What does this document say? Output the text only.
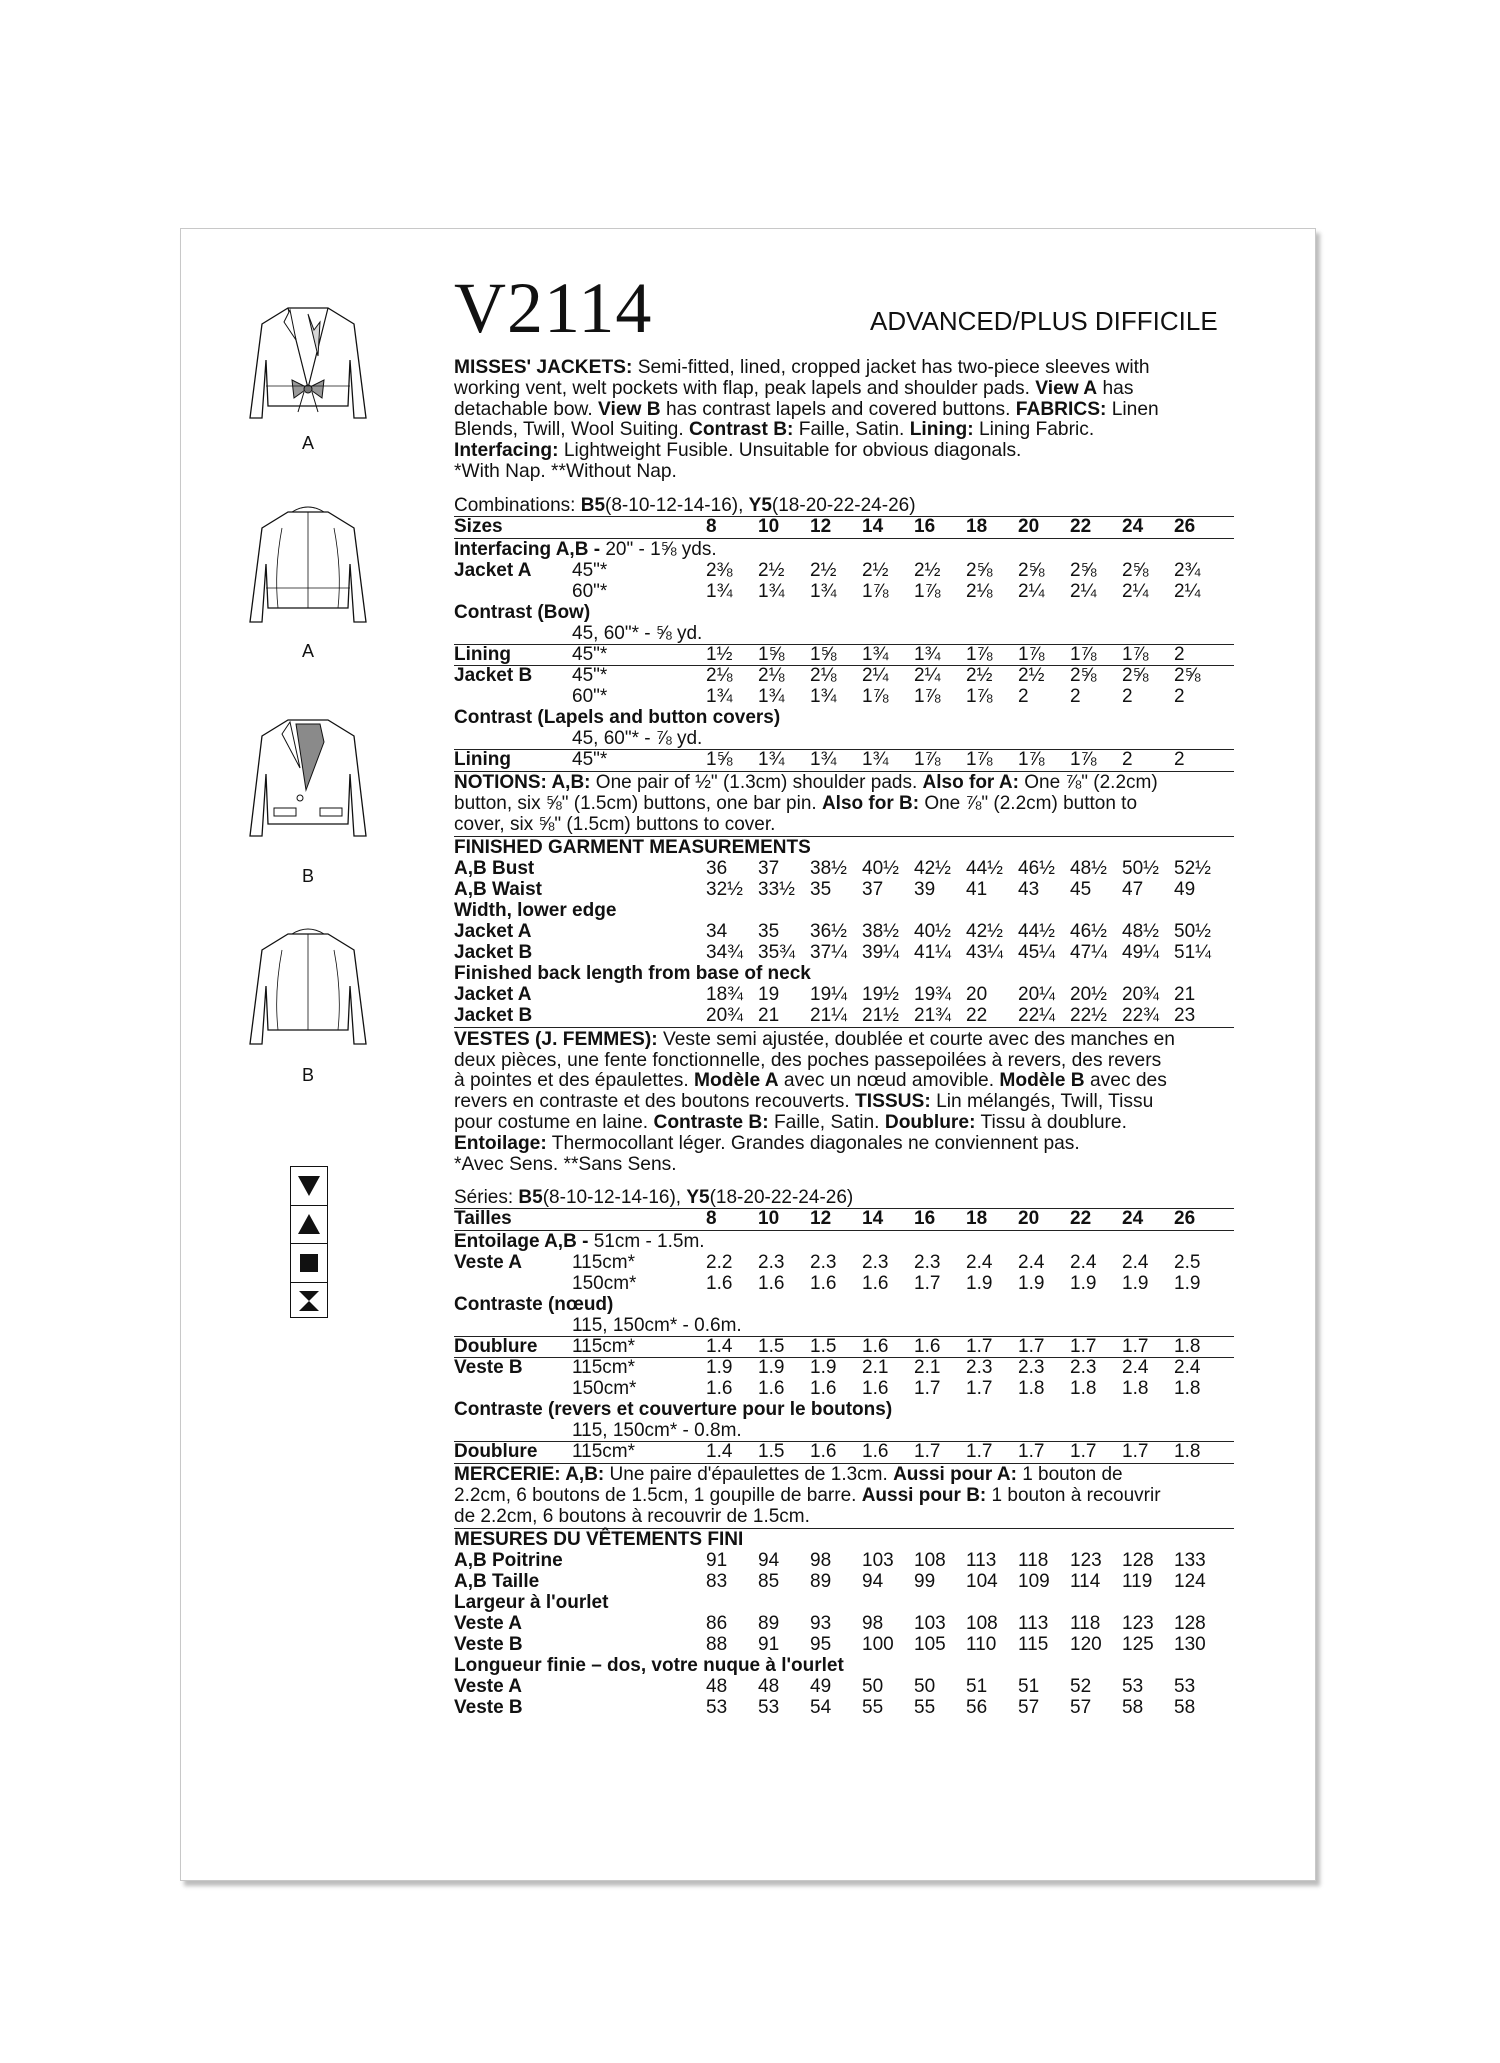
V2114	ADVANCED/PLUS DIFFICILE
A
A
B
B
MISSES' JACKETS: Semi-fitted, lined, cropped jacket has two-piece sleeves with
working vent, welt pockets with flap, peak lapels and shoulder pads. View A has
detachable bow. View B has contrast lapels and covered buttons. FABRICS: Linen
Blends, Twill, Wool Suiting. Contrast B: Faille, Satin. Lining: Lining Fabric.
Interfacing: Lightweight Fusible. Unsuitable for obvious diagonals.
*With Nap. **Without Nap.
Combinations: B5(8-10-12-14-16), Y5(18-20-22-24-26)
Sizes	8	10	12	14	16	18	20	22	24	26
Interfacing A,B - 20" - 1⅝ yds.
Jacket A 45"*	2⅜	2½	2½	2½	2½	2⅝	2⅝	2⅝	2⅝	2¾
60"*	1¾	1¾	1¾	1⅞	1⅞	2⅛	2¼	2¼	2¼	2¼
Contrast (Bow)
45, 60"* - ⅝ yd.
Lining	45"*	1½	1⅝	1⅝	1¾	1¾	1⅞	1⅞	1⅞	1⅞	2
Jacket B 45"*	2⅛	2⅛	2⅛	2¼	2¼	2½	2½	2⅝	2⅝	2⅝
60"*	1¾	1¾	1¾	1⅞	1⅞	1⅞	2	2	2	2
Contrast (Lapels and button covers)
45, 60"* - ⅞ yd.
Lining	45"*	1⅝	1¾	1¾	1¾	1⅞	1⅞	1⅞	1⅞	2	2
NOTIONS: A,B: One pair of ½" (1.3cm) shoulder pads. Also for A: One ⅞" (2.2cm)
button, six ⅝" (1.5cm) buttons, one bar pin. Also for B: One ⅞" (2.2cm) button to
cover, six ⅝" (1.5cm) buttons to cover.
FINISHED GARMENT MEASUREMENTS
A,B Bust	36	37	38½ 40½ 42½ 44½ 46½ 48½ 50½ 52½
A,B Waist	32½ 33½ 35	37	39	41	43	45	47	49
Width, lower edge
Jacket A	34	35	36½ 38½ 40½ 42½ 44½ 46½ 48½ 50½
Jacket B	34¾ 35¾ 37¼ 39¼ 41¼ 43¼ 45¼ 47¼ 49¼ 51¼
Finished back length from base of neck
Jacket A	18¾ 19	19¼ 19½ 19¾ 20	20¼ 20½ 20¾ 21
Jacket B	20¾ 21	21¼ 21½ 21¾ 22	22¼ 22½ 22¾ 23
VESTES (J. FEMMES): Veste semi ajustée, doublée et courte avec des manches en
deux pièces, une fente fonctionnelle, des poches passepoilées à revers, des revers
à pointes et des épaulettes. Modèle A avec un nœud amovible. Modèle B avec des
revers en contraste et des boutons recouverts. TISSUS: Lin mélangés, Twill, Tissu
pour costume en laine. Contraste B: Faille, Satin. Doublure: Tissu à doublure.
Entoilage: Thermocollant léger. Grandes diagonales ne conviennent pas.
*Avec Sens. **Sans Sens.
Séries: B5(8-10-12-14-16), Y5(18-20-22-24-26)
Tailles	8	10	12	14	16	18	20	22	24	26
Entoilage A,B - 51cm - 1.5m.
Veste A	115cm*	2.2	2.3	2.3	2.3	2.3	2.4	2.4	2.4	2.4	2.5
150cm*	1.6	1.6	1.6	1.6	1.7	1.9	1.9	1.9	1.9	1.9
Contraste (nœud)
115, 150cm* - 0.6m.
Doublure 115cm*	1.4	1.5	1.5	1.6	1.6	1.7	1.7	1.7	1.7	1.8
Veste B	115cm*	1.9	1.9	1.9	2.1	2.1	2.3	2.3	2.3	2.4	2.4
150cm*	1.6	1.6	1.6	1.6	1.7	1.7	1.8	1.8	1.8	1.8
Contraste (revers et couverture pour le boutons)
115, 150cm* - 0.8m.
Doublure 115cm*	1.4	1.5	1.6	1.6	1.7	1.7	1.7	1.7	1.7	1.8
MERCERIE: A,B: Une paire d'épaulettes de 1.3cm. Aussi pour A: 1 bouton de
2.2cm, 6 boutons de 1.5cm, 1 goupille de barre. Aussi pour B: 1 bouton à recouvrir
de 2.2cm, 6 boutons à recouvrir de 1.5cm.
MESURES DU VÊTEMENTS FINI
A,B Poitrine	91	94	98	103	108	113	118	123	128	133
A,B Taille	83	85	89	94	99	104	109	114	119	124
Largeur à l'ourlet
Veste A	86	89	93	98	103	108	113	118	123	128
Veste B	88	91	95	100	105	110	115	120	125	130
Longueur finie – dos, votre nuque à l'ourlet
Veste A	48	48	49	50	50	51	51	52	53	53
Veste B	53	53	54	55	55	56	57	57	58	58
